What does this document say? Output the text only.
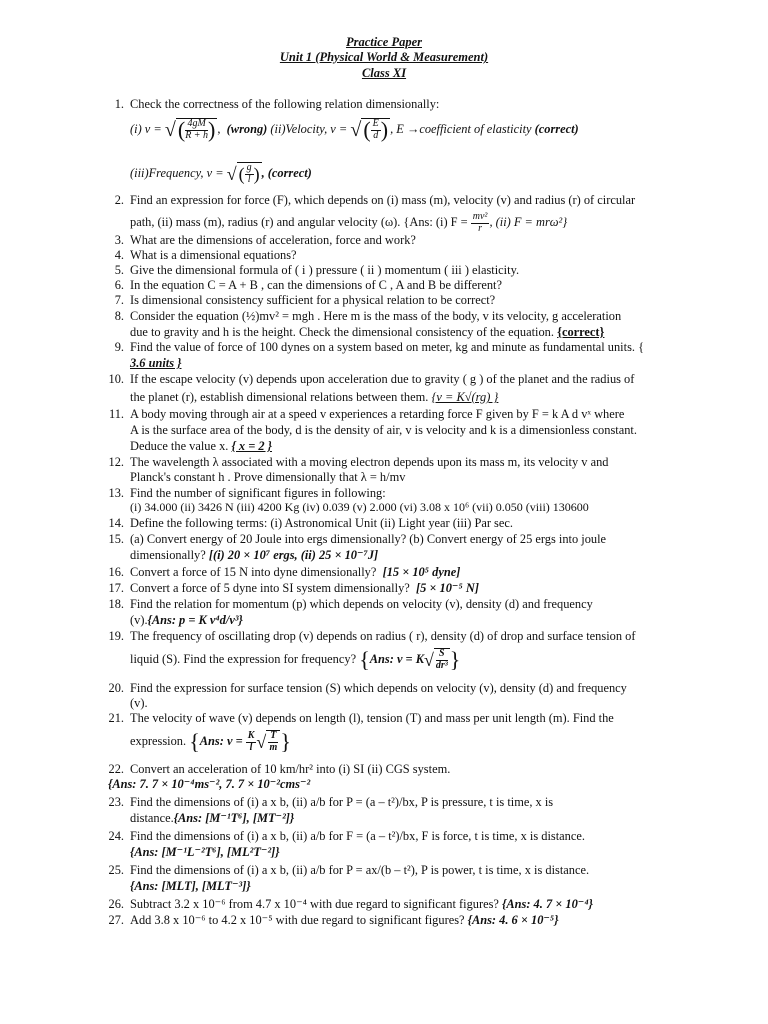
Practice Paper
Unit 1 (Physical World & Measurement)
Class XI
1. Check the correctness of the following relation dimensionally:
(i) v = √( $\frac{4gM}{R + h}$ ) ,  (wrong) (ii)Velocity, v = √( $\frac{E}{d}$ ) , E →coefficient of elasticity (correct)
(iii)Frequency, v = √ ( $\frac{g}{l}$ ) , (correct)
2. Find an expression for force (F), which depends on (i) mass (m), velocity (v) and radius (r) of circular
path, (ii) mass (m), radius (r) and angular velocity (ω). {Ans: (i) $F = \frac{\text{mv²}}{r}$ , (ii) F = mrω²}
3. What are the dimensions of acceleration, force and work?
4. What is a dimensional equations?
5. Give the dimensional formula of ( i ) pressure ( ii ) momentum ( iii ) elasticity.
6. In the equation C = A + B , can the dimensions of C , A and B be different?
7. Is dimensional consistency sufficient for a physical relation to be correct?
8. Consider the equation (½)mv² = mgh . Here m is the mass of the body, v its velocity, g acceleration
due to gravity and h is the height. Check the dimensional consistency of the equation. {correct}
9. Find the value of force of 100 dynes on a system based on meter, kg and minute as fundamental units. {
3.6 units }
10. If the escape velocity (v) depends upon acceleration due to gravity ( g ) of the planet and the radius of
the planet (r), establish dimensional relations between them. {v = K√(rg) }
11. A body moving through air at a speed v experiences a retarding force F given by F = k A d vˣ where
A is the surface area of the body, d is the density of air, v is velocity and k is a dimensionless constant.
Deduce the value x. { x = 2 }
12. The wavelength λ associated with a moving electron depends upon its mass m, its velocity v and
Planck's constant h . Prove dimensionally that λ = h/mv
13. Find the number of significant figures in following:
(i) 34.000 (ii) 3426 N (iii) 4200 Kg (iv) 0.039 (v) 2.000 (vi) 3.08 x 10⁶ (vii) 0.050 (viii) 130600
14. Define the following terms: (i) Astronomical Unit (ii) Light year (iii) Par sec.
15. (a) Convert energy of 20 Joule into ergs dimensionally? (b) Convert energy of 25 ergs into joule
dimensionally? [(i) 20 × 10⁷ ergs, (ii) 25 × 10⁻⁷J]
16. Convert a force of 15 N into dyne dimensionally? [15 × 10⁵ dyne]
17. Convert a force of 5 dyne into SI system dimensionally? [5 × 10⁻⁵ N]
18. Find the relation for momentum (p) which depends on velocity (v), density (d) and frequency
(v).{Ans: p = K v⁴d/v³}
19. The frequency of oscillating drop (v) depends on radius ( r), density (d) of drop and surface tension of
liquid (S). Find the expression for frequency? {Ans: $v = K√ \frac{S}{\text{dr³}}$ }
20. Find the expression for surface tension (S) which depends on velocity (v), density (d) and frequency
(v).
21. The velocity of wave (v) depends on length (l), tension (T) and mass per unit length (m). Find the
expression. {Ans: $v = \frac{K}{l}$ √ $\frac{T}{m}$ }
22. Convert an acceleration of 10 km/hr² into (i) SI (ii) CGS system.
{Ans: 7. 7 × 10⁻⁴ms⁻², 7. 7 × 10⁻²cms⁻²
23. Find the dimensions of (i) a x b, (ii) a/b for P = (a – t²)/bx, P is pressure, t is time, x is
distance.{Ans: [M⁻¹T⁶], [MT⁻²]}
24. Find the dimensions of (i) a x b, (ii) a/b for F = (a – t²)/bx, F is force, t is time, x is distance.
{Ans: [M⁻¹L⁻²T⁶], [ML²T⁻²]}
25. Find the dimensions of (i) a x b, (ii) a/b for P = ax/(b – t²), P is power, t is time, x is distance.
{Ans: [MLT], [MLT⁻³]}
26. Subtract 3.2 x 10⁻⁶ from 4.7 x 10⁻⁴ with due regard to significant figures? {Ans: 4. 7 × 10⁻⁴}
27. Add 3.8 x 10⁻⁶ to 4.2 x 10⁻⁵ with due regard to significant figures? {Ans: 4. 6 × 10⁻⁵}
